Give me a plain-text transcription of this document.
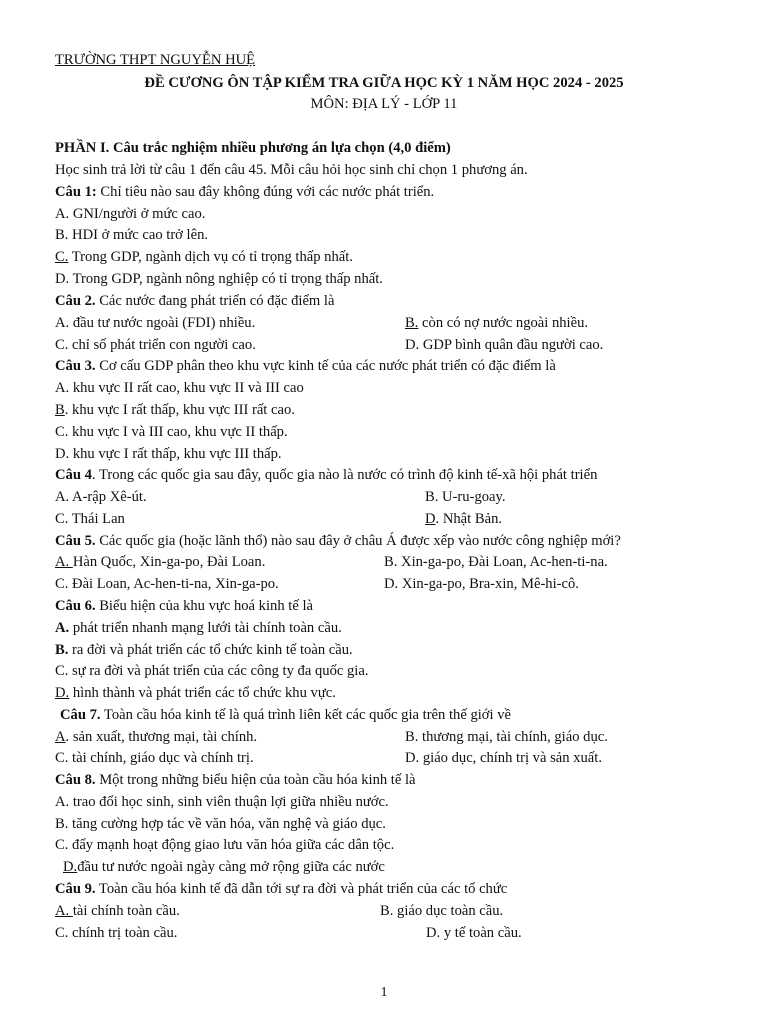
TRƯỜNG THPT NGUYỄN HUỆ
ĐỀ CƯƠNG ÔN TẬP KIỂM TRA GIỮA HỌC KỲ 1 NĂM HỌC 2024 - 2025
MÔN: ĐỊA LÝ - LỚP 11
PHẦN I. Câu trắc nghiệm nhiều phương án lựa chọn (4,0 điểm)
Học sinh trả lời từ câu 1 đến câu 45. Mỗi câu hỏi học sinh chỉ chọn 1 phương án.
Câu 1: Chỉ tiêu nào sau đây không đúng với các nước phát triển.
A. GNI/người ở mức cao.
B. HDI ở mức cao trở lên.
C. Trong GDP, ngành dịch vụ có tỉ trọng thấp nhất.
D. Trong GDP, ngành nông nghiệp có tỉ trọng thấp nhất.
Câu 2. Các nước đang phát triển có đặc điểm là
A. đầu tư nước ngoài (FDI) nhiều.	B. còn có nợ nước ngoài nhiều.
C. chỉ số phát triển con người cao.	D. GDP bình quân đầu người cao.
Câu 3. Cơ cấu GDP phân theo khu vực kinh tế của các nước phát triển có đặc điểm là
A. khu vực II rất cao, khu vực II và III cao
B. khu vực I rất thấp, khu vực III rất cao.
C. khu vực I và III cao, khu vực II thấp.
D. khu vực I rất thấp, khu vực III thấp.
Câu 4. Trong các quốc gia sau đây, quốc gia nào là nước có trình độ kinh tế-xã hội phát triển
A. A-rập Xê-út.	B. U-ru-goay.
C. Thái Lan	D. Nhật Bản.
Câu 5. Các quốc gia (hoặc lãnh thổ) nào sau đây ở châu Á được xếp vào nước công nghiệp mới?
A. Hàn Quốc, Xin-ga-po, Đài Loan.	B. Xin-ga-po, Đài Loan, Ac-hen-ti-na.
C. Đài Loan, Ac-hen-ti-na, Xin-ga-po.	D. Xin-ga-po, Bra-xin, Mê-hi-cô.
Câu 6. Biểu hiện của khu vực hoá kinh tế là
A. phát triển nhanh mạng lưới tài chính toàn cầu.
B. ra đời và phát triển các tổ chức kinh tế toàn cầu.
C. sự ra đời và phát triển của các công ty đa quốc gia.
D. hình thành và phát triển các tổ chức khu vực.
Câu 7. Toàn cầu hóa kinh tế là quá trình liên kết các quốc gia trên thế giới về
A. sản xuất, thương mại, tài chính.	B. thương mại, tài chính, giáo dục.
C. tài chính, giáo dục và chính trị.	D. giáo dục, chính trị và sản xuất.
Câu 8. Một trong những biểu hiện của toàn cầu hóa kinh tế là
A. trao đổi học sinh, sinh viên thuận lợi giữa nhiều nước.
B. tăng cường hợp tác về văn hóa, văn nghệ và giáo dục.
C. đẩy mạnh hoạt động giao lưu văn hóa giữa các dân tộc.
D.đầu tư nước ngoài ngày càng mở rộng giữa các nước
Câu 9. Toàn cầu hóa kinh tế đã dẫn tới sự ra đời và phát triển của các tổ chức
A. tài chính toàn cầu.	B. giáo dục toàn cầu.
C. chính trị toàn cầu.	D. y tế toàn cầu.
1
